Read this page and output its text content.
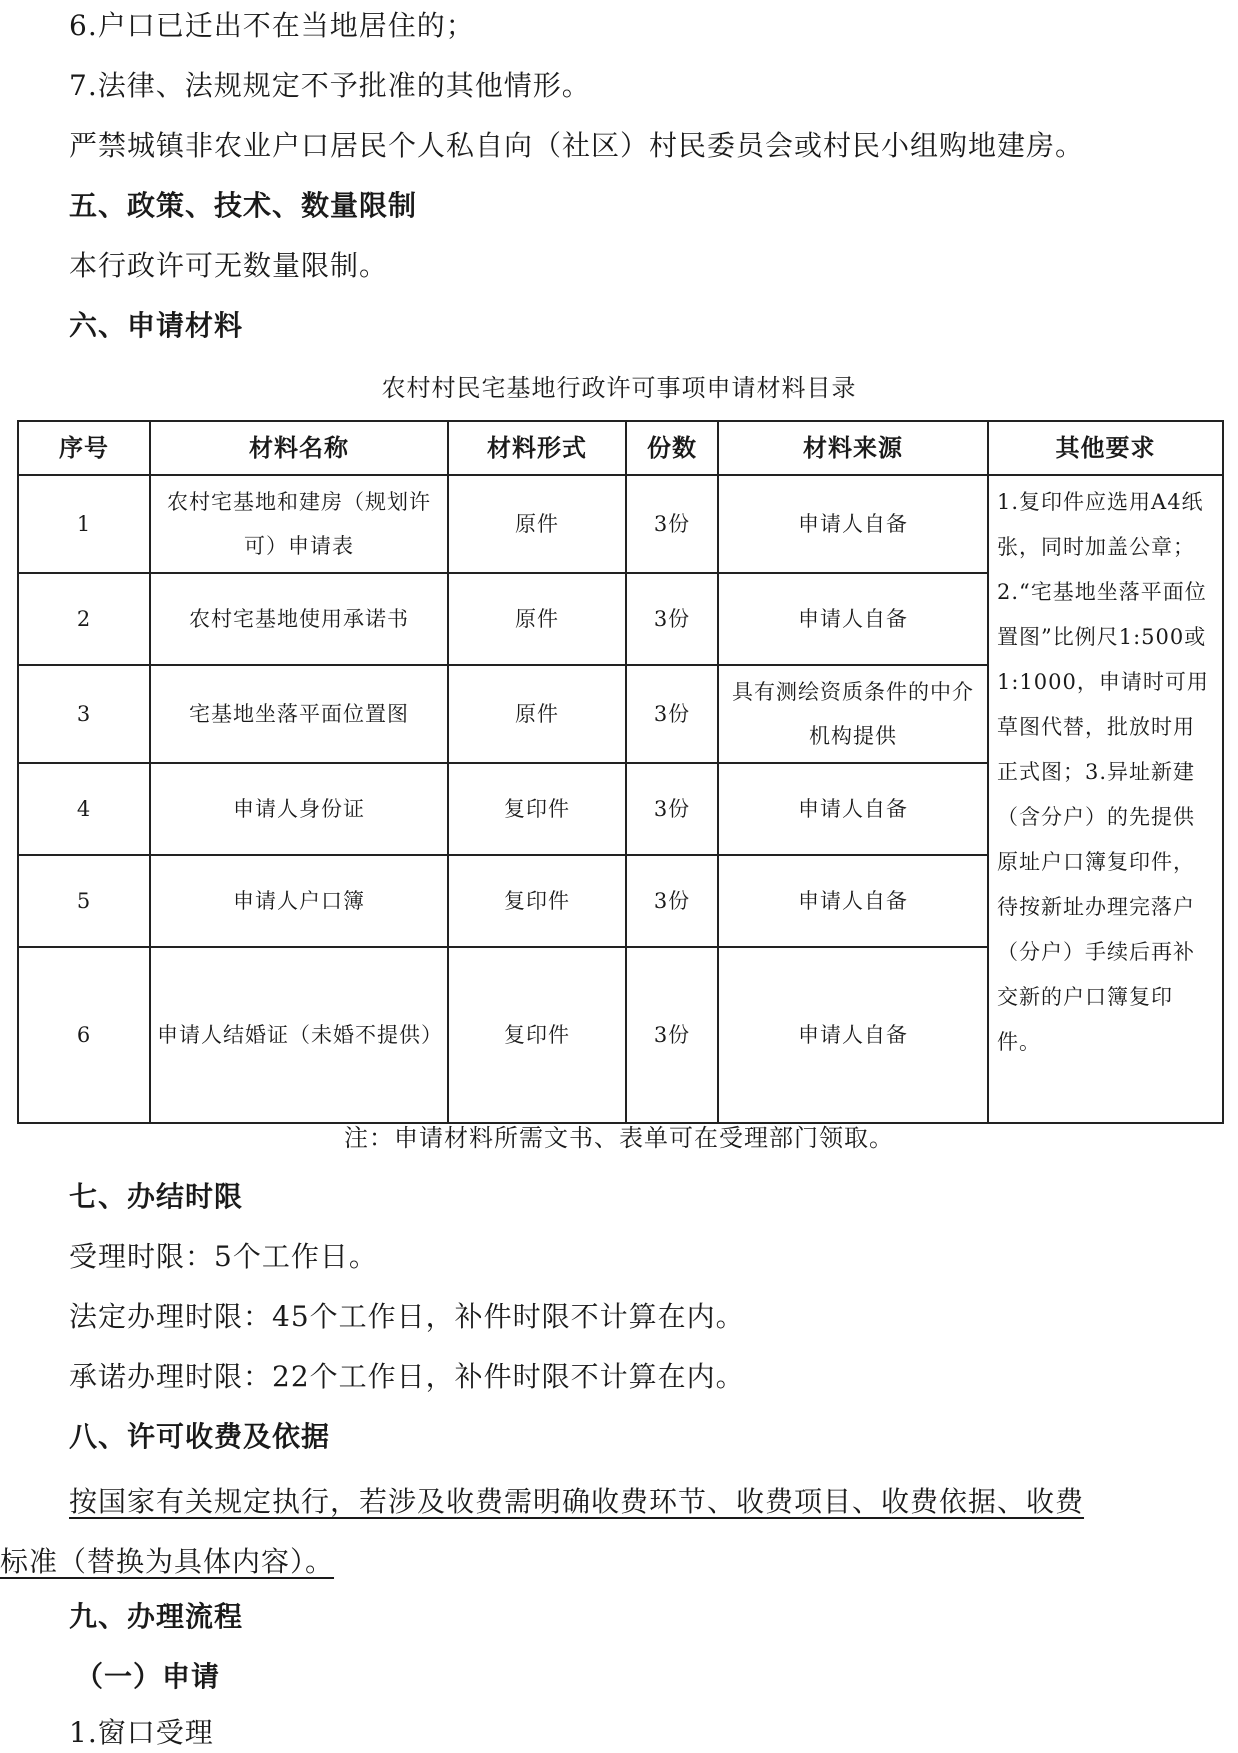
6.户口已迁出不在当地居住的；
7.法律、法规规定不予批准的其他情形。
严禁城镇非农业户口居民个人私自向（社区）村民委员会或村民小组购地建房。
五、政策、技术、数量限制
本行政许可无数量限制。
六、申请材料
农村村民宅基地行政许可事项申请材料目录
序号	材料名称	材料形式	份数	材料来源	其他要求
1	农村宅基地和建房（规划许可）申请表	原件	3份	申请人自备	1.复印件应选用A4纸张，同时加盖公章；2.“宅基地坐落平面位置图”比例尺1:500或1:1000，申请时可用草图代替，批放时用正式图；3.异址新建（含分户）的先提供原址户口簿复印件，待按新址办理完落户（分户）手续后再补交新的户口簿复印件。
2	农村宅基地使用承诺书	原件	3份	申请人自备	
3	宅基地坐落平面位置图	原件	3份	具有测绘资质条件的中介机构提供	
4	申请人身份证	复印件	3份	申请人自备	
5	申请人户口簿	复印件	3份	申请人自备	
6	申请人结婚证（未婚不提供）	复印件	3份	申请人自备	
注：申请材料所需文书、表单可在受理部门领取。
七、办结时限
受理时限：5个工作日。
法定办理时限：45个工作日，补件时限不计算在内。
承诺办理时限：22个工作日，补件时限不计算在内。
八、许可收费及依据
按国家有关规定执行，若涉及收费需明确收费环节、收费项目、收费依据、收费
标准（替换为具体内容）。
九、办理流程
（一）申请
1.窗口受理
